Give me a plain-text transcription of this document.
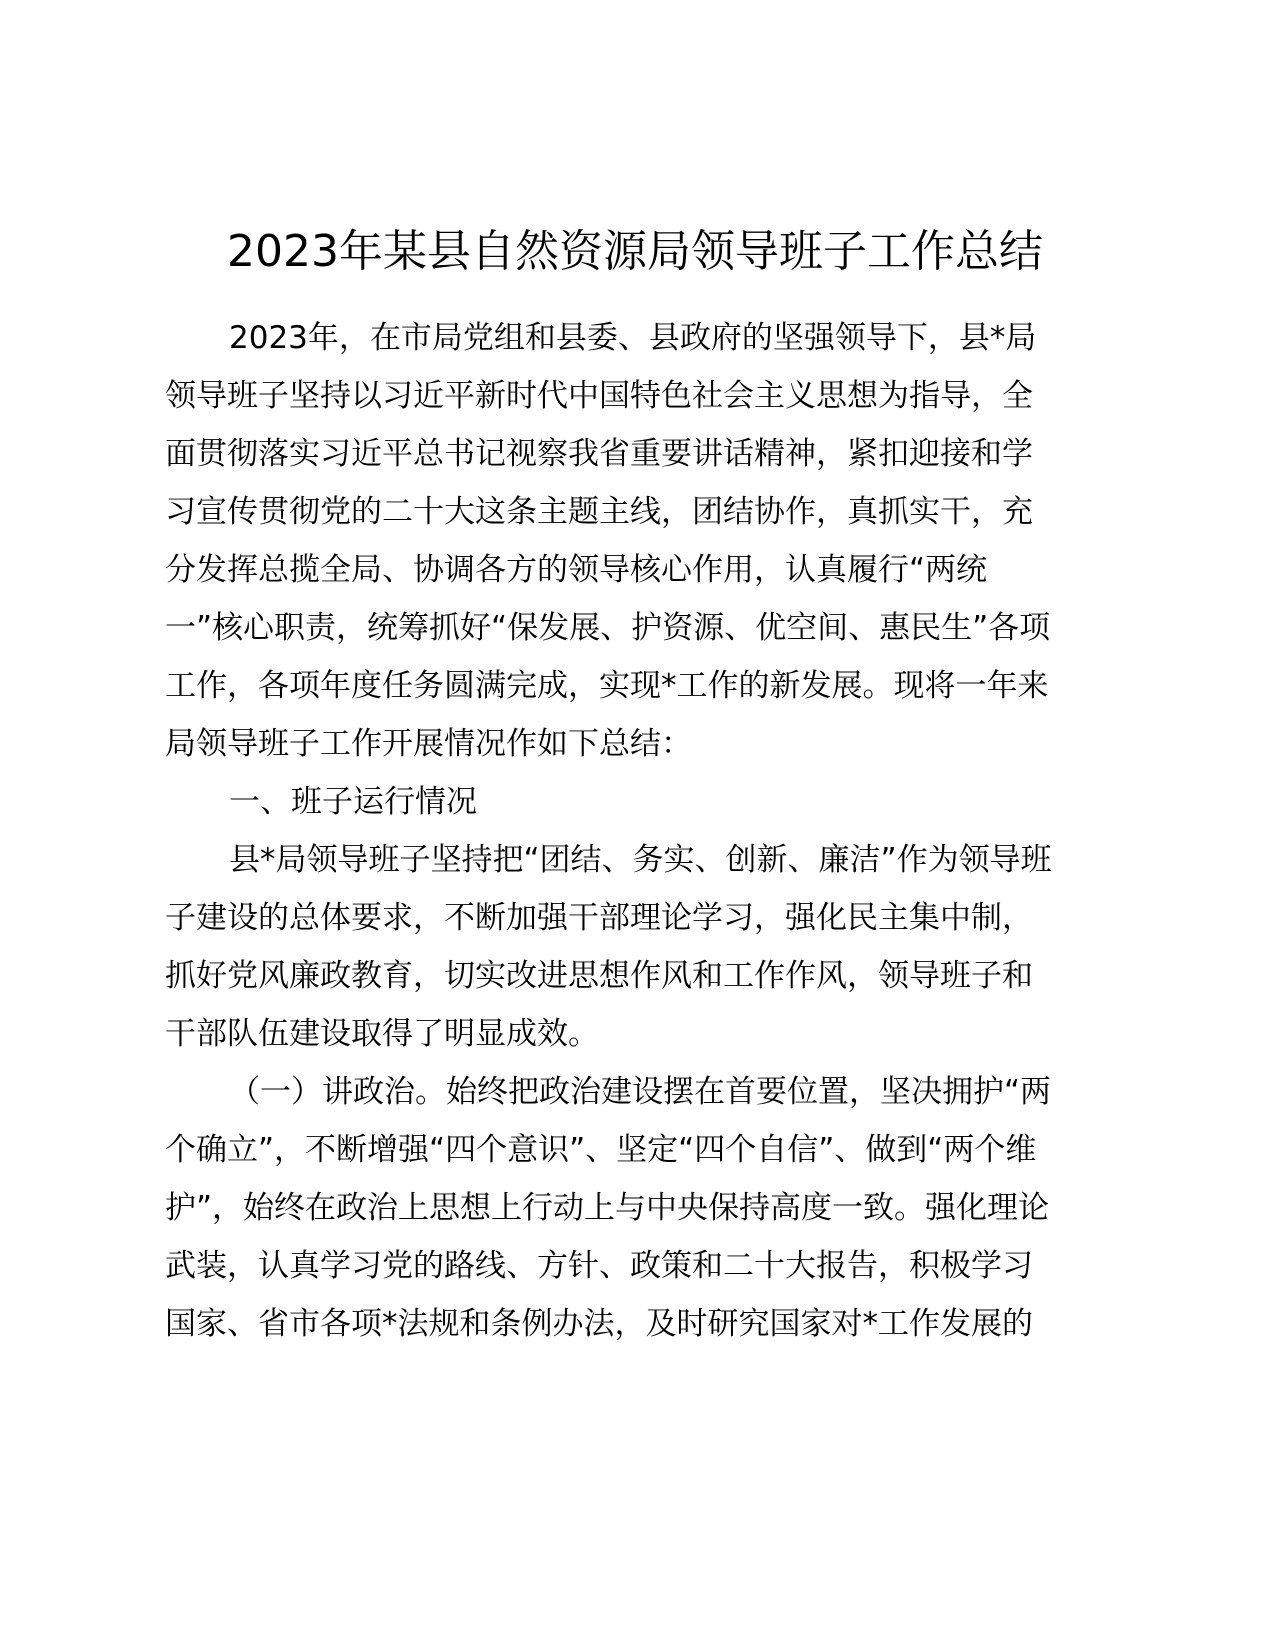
2023年某县自然资源局领导班子工作总结

2023年，在市局党组和县委、县政府的坚强领导下，县*局

领导班子坚持以习近平新时代中国特色社会主义思想为指导，全

面贯彻落实习近平总书记视察我省重要讲话精神，紧扣迎接和学

习宣传贯彻党的二十大这条主题主线，团结协作，真抓实干，充

分发挥总揽全局、协调各方的领导核心作用，认真履行“两统

一”核心职责，统筹抓好“保发展、护资源、优空间、惠民生”各项

工作，各项年度任务圆满完成，实现*工作的新发展。现将一年来

局领导班子工作开展情况作如下总结：

一、班子运行情况

县*局领导班子坚持把“团结、务实、创新、廉洁”作为领导班

子建设的总体要求，不断加强干部理论学习，强化民主集中制，

抓好党风廉政教育，切实改进思想作风和工作作风，领导班子和

干部队伍建设取得了明显成效。

（一）讲政治。始终把政治建设摆在首要位置，坚决拥护“两

个确立”，不断增强“四个意识”、坚定“四个自信”、做到“两个维

护”，始终在政治上思想上行动上与中央保持高度一致。强化理论

武装，认真学习党的路线、方针、政策和二十大报告，积极学习

国家、省市各项*法规和条例办法，及时研究国家对*工作发展的
